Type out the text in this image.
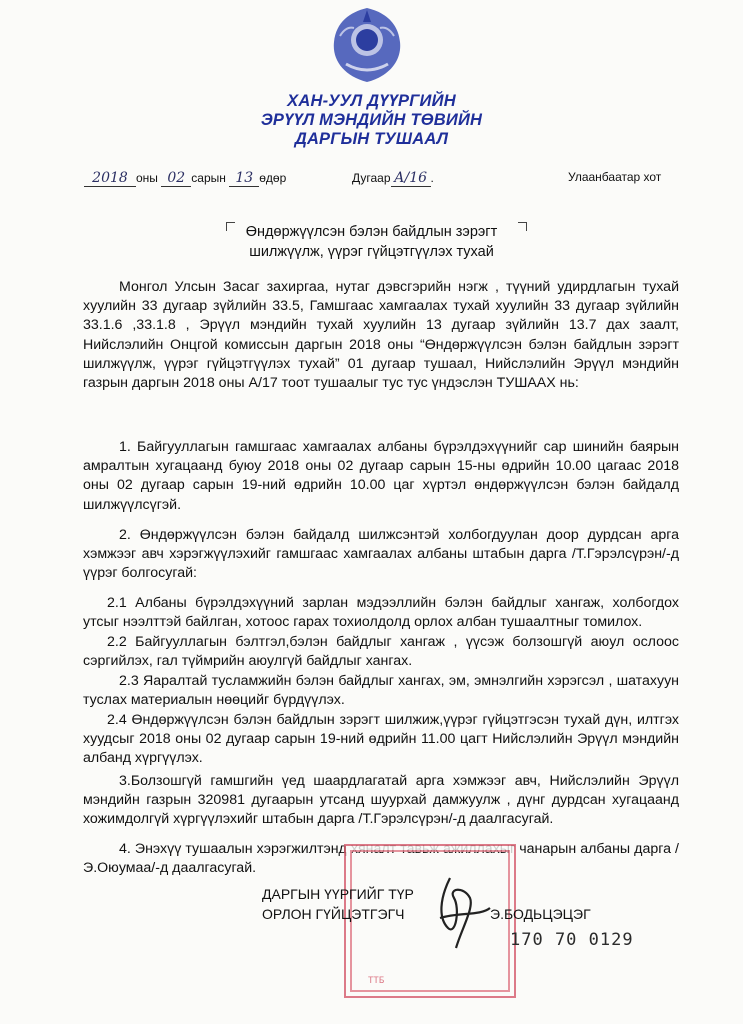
ХАН-УУЛ ДҮҮРГИЙН
ЭРҮҮЛ МЭНДИЙН ТӨВИЙН
ДАРГЫН ТУШААЛ
2018 оны 02 сарын 13 өдөр	Дугаар А/16 .	Улаанбаатар хот
Өндөржүүлсэн бэлэн байдлын зэрэгт
шилжүүлж, үүрэг гүйцэтгүүлэх тухай

Монгол Улсын Засаг захиргаа, нутаг дэвсгэрийн нэгж , түүний удирдлагын тухай хуулийн 33 дугаар зүйлийн 33.5, Гамшгаас хамгаалах тухай хуулийн 33 дугаар зүйлийн 33.1.6 ,33.1.8 , Эрүүл мэндийн тухай хуулийн 13 дугаар зүйлийн 13.7 дах заалт, Нийслэлийн Онцгой комиссын даргын 2018 оны “Өндөржүүлсэн бэлэн байдлын зэрэгт шилжүүлж, үүрэг гүйцэтгүүлэх тухай” 01 дугаар тушаал, Нийслэлийн Эрүүл мэндийн газрын даргын 2018 оны А/17 тоот тушаалыг тус тус үндэслэн ТУШААХ нь:

1. Байгууллагын гамшгаас хамгаалах албаны бүрэлдэхүүнийг сар шинийн баярын амралтын хугацаанд буюу 2018 оны 02 дугаар сарын 15-ны өдрийн 10.00 цагаас 2018 оны 02 дугаар сарын 19-ний өдрийн 10.00 цаг хүртэл өндөржүүлсэн бэлэн байдалд шилжүүлсүгэй.

2. Өндөржүүлсэн бэлэн байдалд шилжсэнтэй холбогдуулан доор дурдсан арга хэмжээг авч хэрэгжүүлэхийг гамшгаас хамгаалах албаны штабын дарга /Т.Гэрэлсүрэн/-д үүрэг болгосугай:

2.1 Албаны бүрэлдэхүүний зарлан мэдээллийн бэлэн байдлыг хангаж, холбогдох утсыг нээлттэй байлган, хотоос гарах тохиолдолд орлох албан тушаалтныг томилох.

2.2 Байгууллагын бэлтгэл,бэлэн байдлыг хангаж , үүсэж болзошгүй аюул ослоос сэргийлэх, гал түймрийн аюулгүй байдлыг хангах.

2.3 Яаралтай тусламжийн бэлэн байдлыг хангах, эм, эмнэлгийн хэрэгсэл , шатахуун туслах материалын нөөцийг бүрдүүлэх.

2.4 Өндөржүүлсэн бэлэн байдлын зэрэгт шилжиж,үүрэг гүйцэтгэсэн тухай дүн, илтгэх хуудсыг 2018 оны 02 дугаар сарын 19-ний өдрийн 11.00 цагт Нийслэлийн Эрүүл мэндийн албанд хүргүүлэх.

3.Болзошгүй гамшгийн үед шаардлагатай арга хэмжээг авч, Нийслэлийн Эрүүл мэндийн газрын 320981 дугаарын утсанд шуурхай дамжуулж , дүнг дурдсан хугацаанд хожимдолгүй хүргүүлэхийг штабын дарга /Т.Гэрэлсүрэн/-д даалгасугай.

4. Энэхүү тушаалын хэрэгжилтэнд хяналт тавьж ажиллахыг чанарын албаны дарга /Э.Оюумаа/-д даалгасугай.

ТТБ
ДАРГЫН ҮҮРГИЙГ ТҮР
ОРЛОН ГҮЙЦЭТГЭГЧ	Э.БОДЬЦЭЦЭГ
170 70 0129
